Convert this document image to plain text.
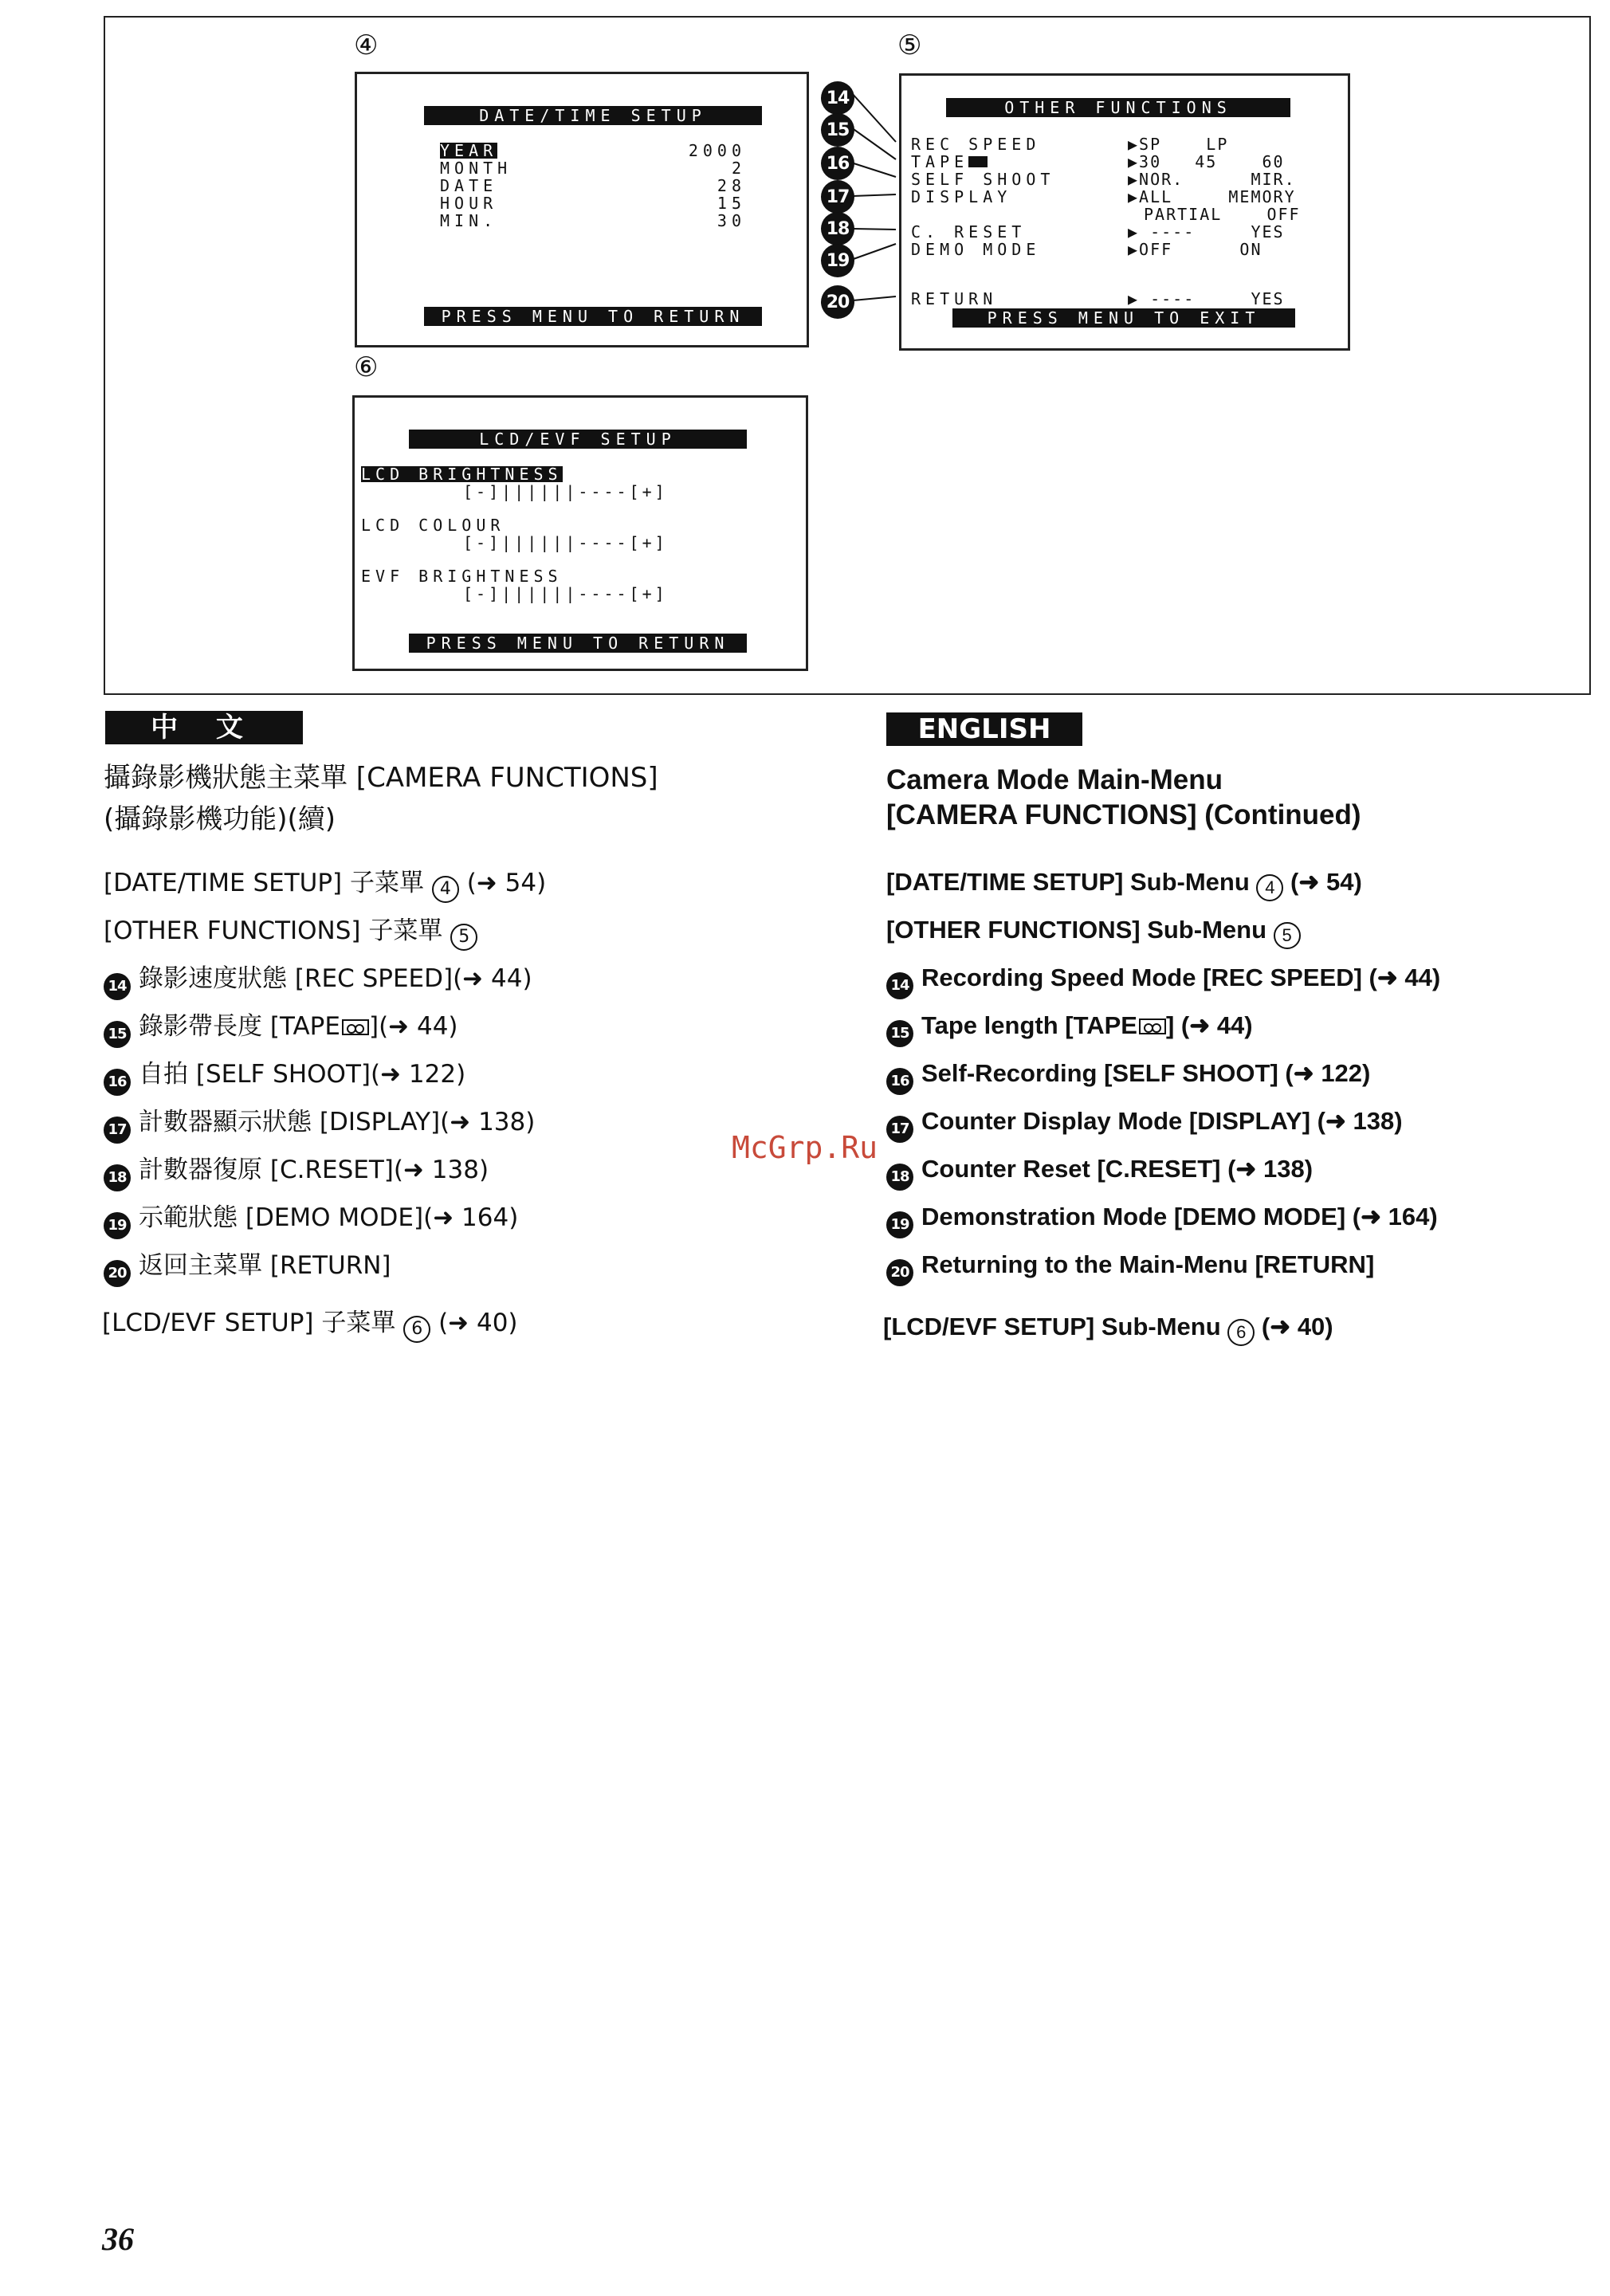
④	⑤
⑥
DATE/TIME SETUP
YEAR	2000
MONTH	2
DATE	28
HOUR	15
MIN.	30
PRESS MENU TO RETURN
OTHER FUNCTIONS
REC SPEED	▶SP    LP
TAPE	▶30   45    60
SELF SHOOT	▶NOR.      MIR.
DISPLAY	▶ALL     MEMORY
PARTIAL    OFF
C. RESET	▶ ----     YES
DEMO MODE	▶OFF      ON
RETURN	▶ ----     YES
PRESS MENU TO EXIT
LCD/EVF SETUP
LCD BRIGHTNESS
[-]||||||----[+]
LCD COLOUR
[-]||||||----[+]
EVF BRIGHTNESS
[-]||||||----[+]
PRESS MENU TO RETURN
14
15
16
17
18
19
20
中 文
攝錄影機狀態主菜單 [CAMERA FUNCTIONS]
(攝錄影機功能)(續)
[DATE/TIME SETUP] 子菜單 4 (➜ 54)
[OTHER FUNCTIONS] 子菜單 5
14 錄影速度狀態 [REC SPEED](➜ 44)
15 錄影帶長度 [TAPE ](➜ 44)
16 自拍 [SELF SHOOT](➜ 122)
17 計數器顯示狀態 [DISPLAY](➜ 138)
18 計數器復原 [C.RESET](➜ 138)
19 示範狀態 [DEMO MODE](➜ 164)
20 返回主菜單 [RETURN]
[LCD/EVF SETUP] 子菜單 6 (➜ 40)
ENGLISH
Camera Mode Main-Menu
[CAMERA FUNCTIONS] (Continued)
[DATE/TIME SETUP] Sub-Menu 4 (➜ 54)
[OTHER FUNCTIONS] Sub-Menu 5
14 Recording Speed Mode [REC SPEED] (➜ 44)
15 Tape length [TAPE ] (➜ 44)
16 Self-Recording [SELF SHOOT] (➜ 122)
17 Counter Display Mode [DISPLAY] (➜ 138)
18 Counter Reset [C.RESET] (➜ 138)
19 Demonstration Mode [DEMO MODE] (➜ 164)
20 Returning to the Main-Menu [RETURN]
[LCD/EVF SETUP] Sub-Menu 6 (➜ 40)
McGrp.Ru
36
